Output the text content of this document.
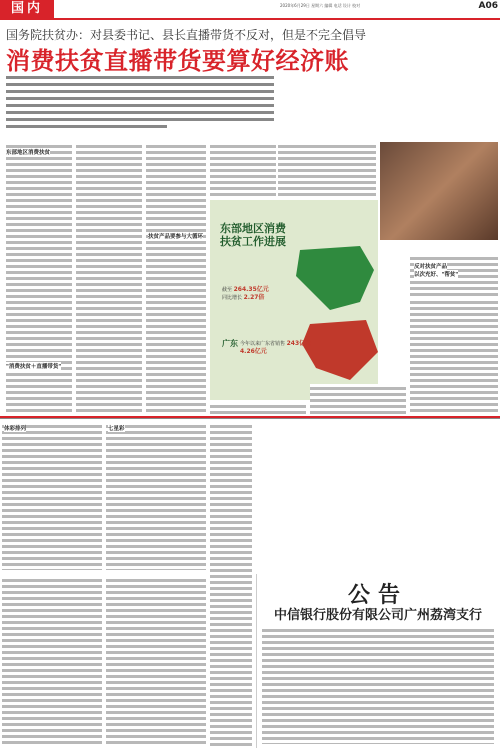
国内	2020年6月29日 星期六 编辑 电话 设计 校对	A06
国务院扶贫办：对县委书记、县长直播带货不反对，但是不完全倡导
消费扶贫直播带货要算好经济账
东部地区消费扶贫
"消费扶贫＋直播带货"
扶贫产品要参与大循环
反对扶贫产品
以次充好、"帮贫"
东部地区消费扶贫工作进展
截至 264.35亿元
同比增长 2.27倍
广东 今年以来广东省销售 243亿元
4.26亿元
体彩排列	七星彩
公告
中信银行股份有限公司广州荔湾支行
